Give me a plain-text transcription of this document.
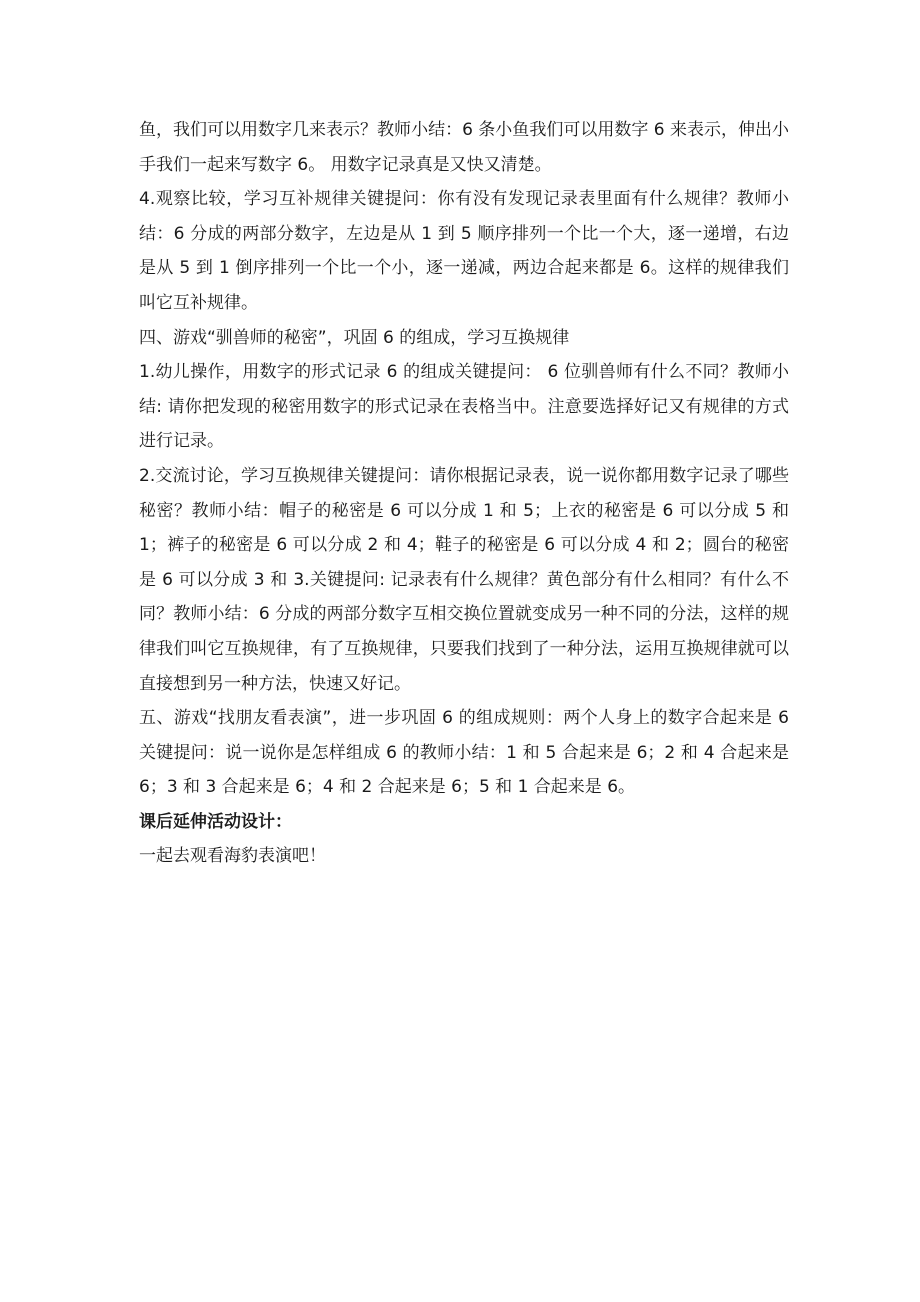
鱼，我们可以用数字几来表示？教师小结：6 条小鱼我们可以用数字 6 来表示，伸出小手我们一起来写数字 6。 用数字记录真是又快又清楚。

4.观察比较，学习互补规律关键提问：你有没有发现记录表里面有什么规律？教师小结：6 分成的两部分数字，左边是从 1 到 5 顺序排列一个比一个大，逐一递增，右边是从 5 到 1 倒序排列一个比一个小，逐一递减，两边合起来都是 6。这样的规律我们叫它互补规律。

四、游戏“驯兽师的秘密”，巩固 6 的组成，学习互换规律

1.幼儿操作，用数字的形式记录 6 的组成关键提问： 6 位驯兽师有什么不同？教师小结: 请你把发现的秘密用数字的形式记录在表格当中。注意要选择好记又有规律的方式进行记录。

2.交流讨论，学习互换规律关键提问：请你根据记录表，说一说你都用数字记录了哪些秘密？教师小结：帽子的秘密是 6 可以分成 1 和 5；上衣的秘密是 6 可以分成 5 和 1；裤子的秘密是 6 可以分成 2 和 4；鞋子的秘密是 6 可以分成 4 和 2；圆台的秘密是 6 可以分成 3 和 3.关键提问: 记录表有什么规律？黄色部分有什么相同？有什么不同？教师小结：6 分成的两部分数字互相交换位置就变成另一种不同的分法，这样的规律我们叫它互换规律，有了互换规律，只要我们找到了一种分法，运用互换规律就可以直接想到另一种方法，快速又好记。

五、游戏“找朋友看表演”，进一步巩固 6 的组成规则：两个人身上的数字合起来是 6 关键提问：说一说你是怎样组成 6 的教师小结：1 和 5 合起来是 6；2 和 4 合起来是 6；3 和 3 合起来是 6；4 和 2 合起来是 6；5 和 1 合起来是 6。

课后延伸活动设计：

一起去观看海豹表演吧！
